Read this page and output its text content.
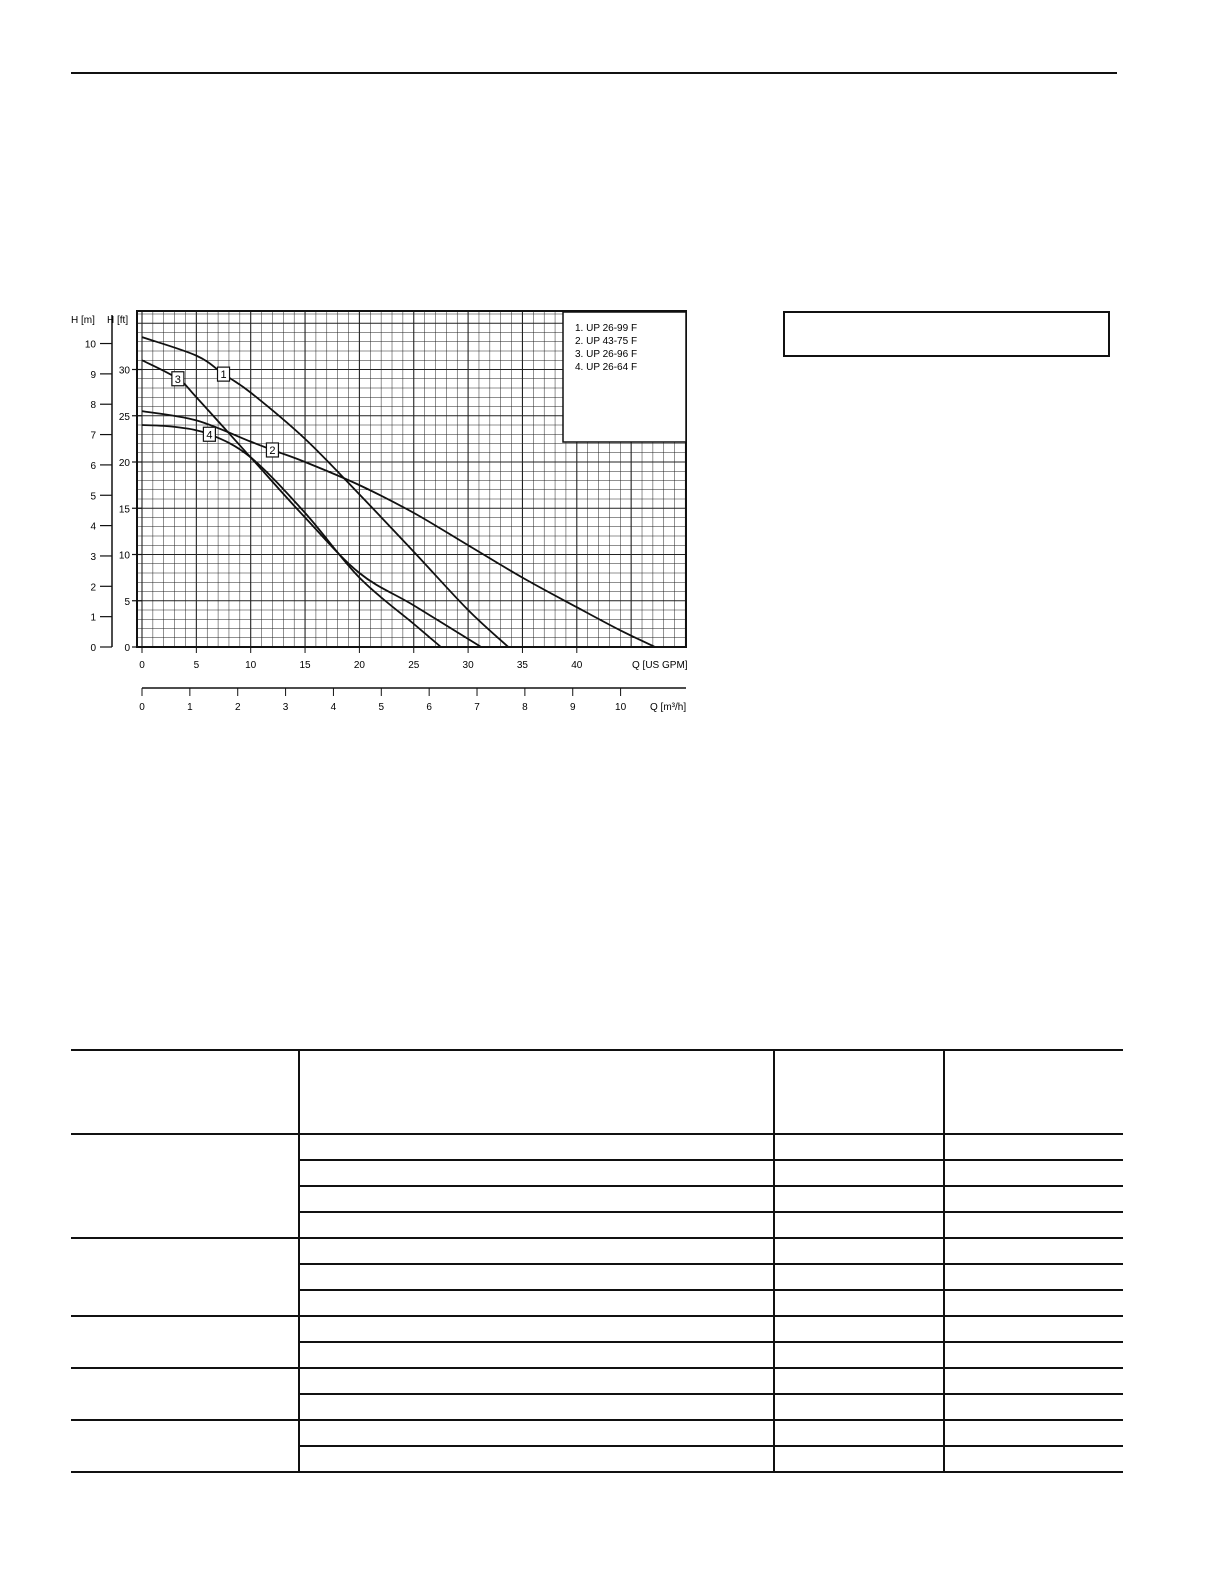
1. UP 26-99 F
2. UP 43-75 F
3. UP 26-96 F
4. UP 26-64 F
1
2
3
4
H [m] H [ft]
Q [US GPM]
Q [m³/h]
0	5	10	15	20	25	30	35	40
0	1	2	3	4	5	6	7	8	9	10
0
1
2
3
4
5
6
7
8
9
10
0
5
10
15
20
25
30
